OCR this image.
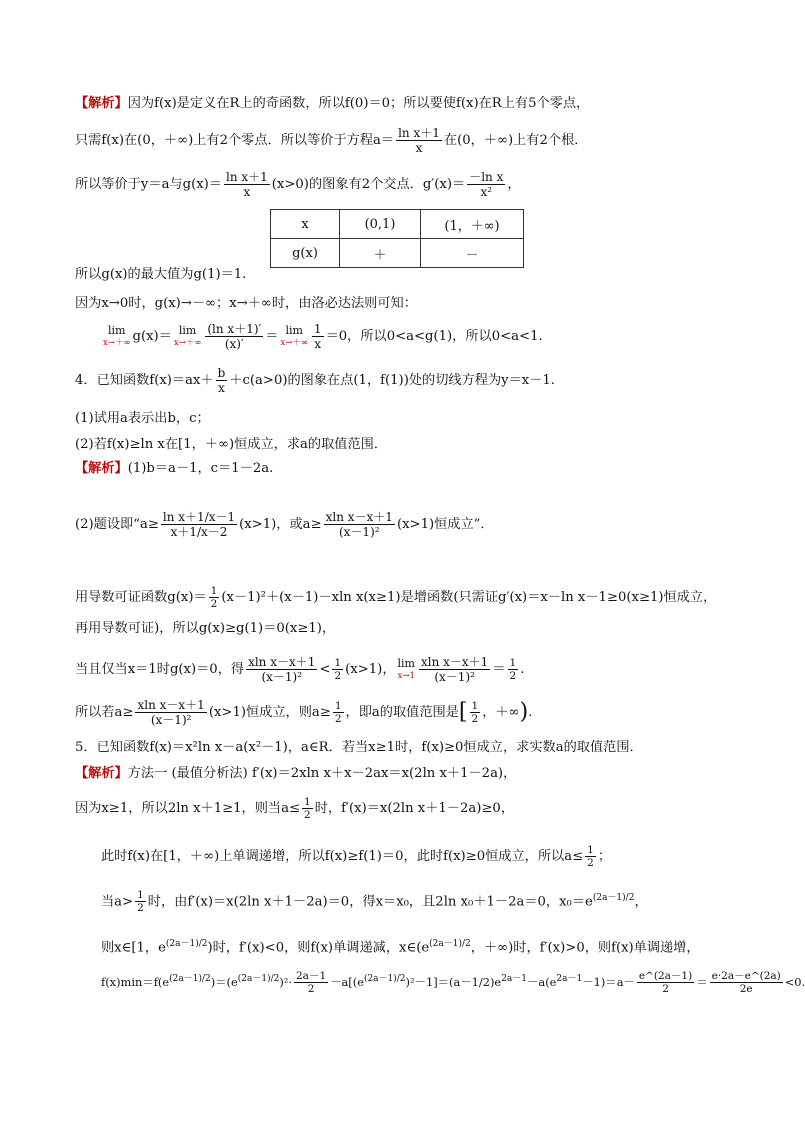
【解析】因为f(x)是定义在R上的奇函数，所以f(0)＝0；所以要使f(x)在R上有5个零点，
只需f(x)在(0，＋∞)上有2个零点．所以等价于方程$a= \frac{\text{ln x＋1}}{x}$ 在(0，＋∞)上有2个根．
所以等价于y＝a与$g(x)= \frac{\text{ln x＋1}}{x} (x>0)$的图象有2个交点．$g'(x)= \frac{\text{－ln x}}{\text{x²}}$ ，
x	(0,1)	(1，＋∞)
g(x)	＋	－
所以g(x)的最大值为g(1)＝1.
因为x→0时，g(x)→－∞；x→＋∞时，由洛必达法则可知：
lim
x→＋∞ g(x)＝ lim
$x\to+\infty \frac{\text{(ln x＋1)′}}{(x)'} = \lim$
$x\to+\infty \frac{1}{x} =0$，所以0<a<g(1)，所以0<a<1.
4．已知函数$f(x)=ax+ \frac{b}{x} +c(a>0)$的图象在点(1，f(1))处的切线方程为y＝x－1.
(1)试用a表示出b，c；
(2)若f(x)≥ln x在[1，＋∞)恒成立，求a的取值范围．
【解析】(1)b＝a－1，c＝1－2a.
(2)题设即“$a\ge \frac{\text{ln x＋1/x－1}}{x+1/x-2} (x>1)$，或$a\ge \frac{\text{xln x－x＋1}}{\text{(x－1)²}} (x>1)$恒成立”．
用导数可证函数$g(x)= \frac{1}{2} (x-1)^2+(x-1)-xln$ x(x≥1)是增函数(只需证g′(x)＝x－ln x－1≥0(x≥1)恒成立，
再用导数可证)，所以g(x)≥g(1)＝0(x≥1)，
当且仅当x＝1时g(x)＝0，得 $\frac{\text{xln x－x＋1}}{\text{(x－1)²}} < \frac{1}{2} (x>1)$， lim
$x\to 1 \frac{\text{xln x－x＋1}}{\text{(x－1)²}} = \frac{1}{2}$ .
所以若$a\ge \frac{\text{xln x－x＋1}}{\text{(x－1)²}} (x>1)$恒成立，则$a\ge \frac{1}{2}$ ，即a的取值范围是[ $\frac{1}{2}$ ，＋∞).
5．已知函数f(x)＝x²ln x－a(x²－1)，a∈R．若当x≥1时，f(x)≥0恒成立，求实数a的取值范围．
【解析】方法一 (最值分析法) f′(x)＝2xln x＋x－2ax＝x(2ln x＋1－2a)，
因为x≥1，所以2ln x＋1≥1，则当$a\le \frac{1}{2}$ 时，f′(x)＝x(2ln x＋1－2a)≥0，
此时f(x)在[1，＋∞)上单调递增，所以f(x)≥f(1)＝0，此时f(x)≥0恒成立，所以$a\le \frac{1}{2}$ ；
当$a> \frac{1}{2}$ 时，由f′(x)＝x(2ln x＋1－2a)＝0，得x＝x₀，且2ln x₀＋1－2a＝0，$x_0=e^{(2a-1)/2}$，
则x∈[1，$e^{(2a-1)/2}$)时，f′(x)<0，则f(x)单调递减，$x\in(e^{(2a-1)/2}$，＋∞)时，f′(x)>0，则f(x)单调递增，
$f(x)\min=f(e^{(2a-1)/2})=(e^{(2a-1)/2})^2\cdot \frac{2a-1}{2} -a[(e^{(2a-1)/2})^2-1]=(a-1/2)e^{2a-1}-a(e^{2a-1}-1)=a- \frac{e\^{}(2a-1)}{2} = \frac{e\cdot 2a-e\^{}(2a)}{2e} <0$.
